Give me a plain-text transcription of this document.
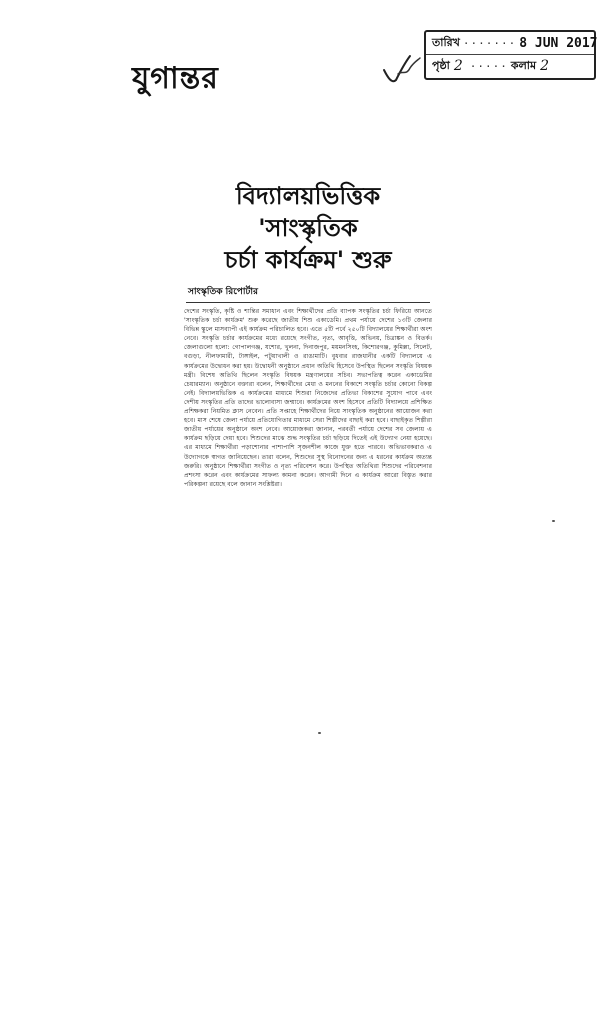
যুগান্তর
তারিখ ······· 8 JUN 2017
পৃষ্ঠা 2 ····· কলাম 2
বিদ্যালয়ভিত্তিক 'সাংস্কৃতিক
চর্চা কার্যক্রম' শুরু
সাংস্কৃতিক রিপোর্টার
দেশের সংস্কৃতি, কৃষ্টি ও শান্তির সমাধান এবং শিক্ষার্থীদের প্রতি ব্যাপক সংস্কৃতির চর্চা ফিরিয়ে আনতে 'সাংস্কৃতিক চর্চা কার্যক্রম' শুরু করেছে জাতীয় শিশু একাডেমি। প্রথম পর্যায়ে দেশের ১৩টি জেলার বিভিন্ন স্কুলে মাসব্যাপী এই কার্যক্রম পরিচালিত হবে। এতে ৫টি পর্বে ২৫০টি বিদ্যালয়ের শিক্ষার্থীরা অংশ নেবে। সংস্কৃতি চর্চার কার্যক্রমের মধ্যে রয়েছে সংগীত, নৃত্য, আবৃত্তি, অভিনয়, চিত্রাঙ্কন ও বিতর্ক। জেলাগুলো হলো: গোপালগঞ্জ, যশোর, খুলনা, দিনাজপুর, ময়মনসিংহ, কিশোরগঞ্জ, কুমিল্লা, সিলেট, বগুড়া, নীলফামারী, টাঙ্গাইল, পটুয়াখালী ও রাঙামাটি। বুধবার রাজধানীর একটি বিদ্যালয়ে এ কার্যক্রমের উদ্বোধন করা হয়। উদ্বোধনী অনুষ্ঠানে প্রধান অতিথি হিসেবে উপস্থিত ছিলেন সংস্কৃতি বিষয়ক মন্ত্রী। বিশেষ অতিথি ছিলেন সংস্কৃতি বিষয়ক মন্ত্রণালয়ের সচিব। সভাপতিত্ব করেন একাডেমির চেয়ারম্যান। অনুষ্ঠানে বক্তারা বলেন, শিক্ষার্থীদের মেধা ও মননের বিকাশে সংস্কৃতি চর্চার কোনো বিকল্প নেই। বিদ্যালয়ভিত্তিক এ কার্যক্রমের মাধ্যমে শিশুরা নিজেদের প্রতিভা বিকাশের সুযোগ পাবে এবং দেশীয় সংস্কৃতির প্রতি তাদের ভালোবাসা জন্মাবে। কার্যক্রমের অংশ হিসেবে প্রতিটি বিদ্যালয়ে প্রশিক্ষিত প্রশিক্ষকরা নিয়মিত ক্লাস নেবেন। প্রতি সপ্তাহে শিক্ষার্থীদের নিয়ে সাংস্কৃতিক অনুষ্ঠানের আয়োজন করা হবে। মাস শেষে জেলা পর্যায়ে প্রতিযোগিতার মাধ্যমে সেরা শিল্পীদের বাছাই করা হবে। বাছাইকৃত শিল্পীরা জাতীয় পর্যায়ের অনুষ্ঠানে অংশ নেবে। আয়োজকরা জানান, পরবর্তী পর্যায়ে দেশের সব জেলায় এ কার্যক্রম ছড়িয়ে দেয়া হবে। শিশুদের মাঝে শুদ্ধ সংস্কৃতির চর্চা ছড়িয়ে দিতেই এই উদ্যোগ নেয়া হয়েছে। এর মাধ্যমে শিক্ষার্থীরা পড়াশোনার পাশাপাশি সৃজনশীল কাজে যুক্ত হতে পারবে। অভিভাবকরাও এ উদ্যোগকে স্বাগত জানিয়েছেন। তারা বলেন, শিশুদের সুস্থ বিনোদনের জন্য এ ধরনের কার্যক্রম অত্যন্ত জরুরি। অনুষ্ঠানে শিক্ষার্থীরা সংগীত ও নৃত্য পরিবেশন করে। উপস্থিত অতিথিরা শিশুদের পরিবেশনার প্রশংসা করেন এবং কার্যক্রমের সাফল্য কামনা করেন। আগামী দিনে এ কার্যক্রম আরো বিস্তৃত করার পরিকল্পনা রয়েছে বলে জানান সংশ্লিষ্টরা।
